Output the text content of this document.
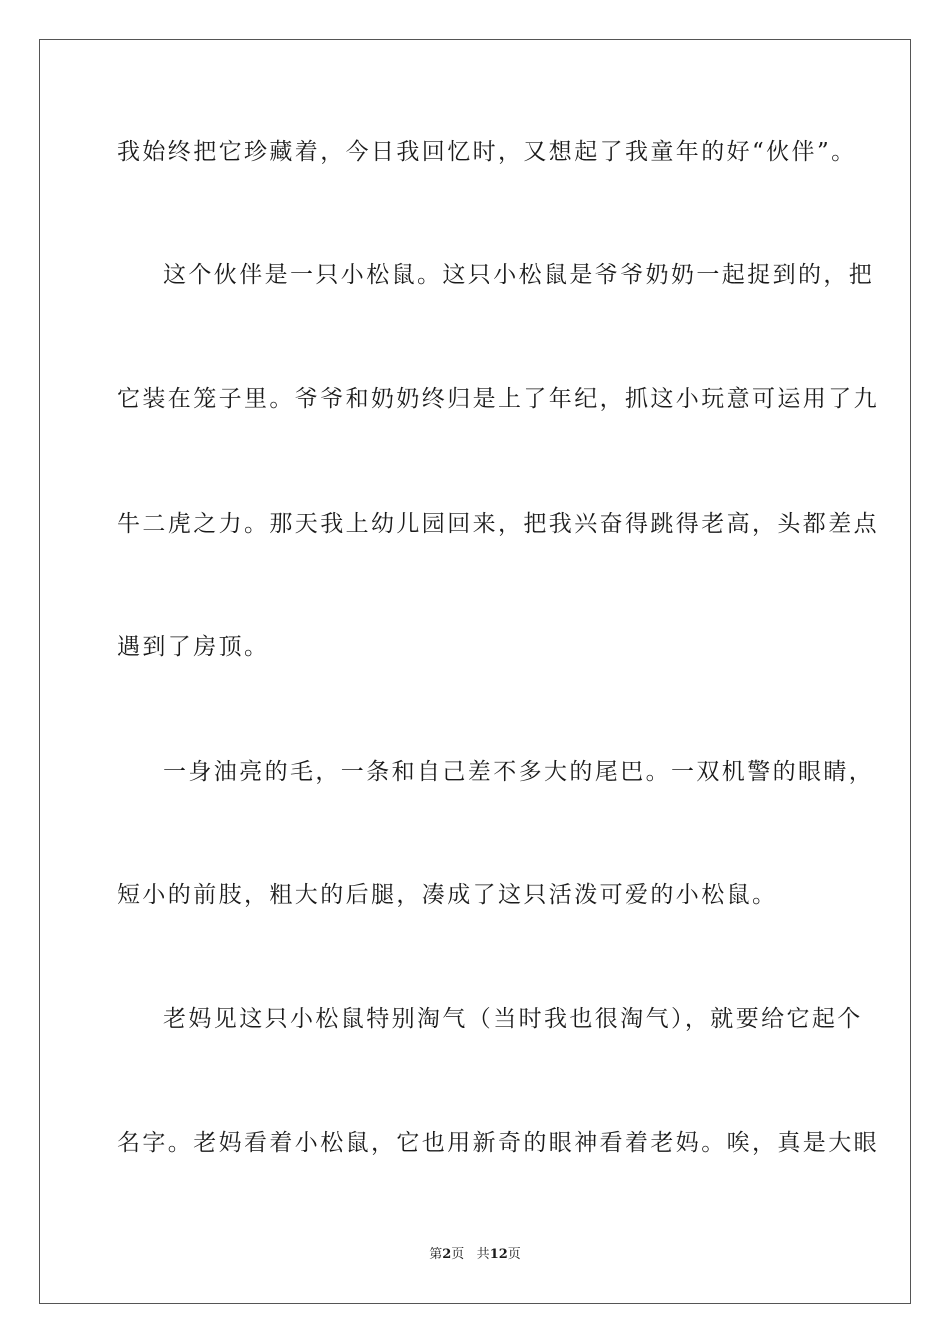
我始终把它珍藏着，今日我回忆时，又想起了我童年的好“伙伴”。
这个伙伴是一只小松鼠。这只小松鼠是爷爷奶奶一起捉到的，把
它装在笼子里。爷爷和奶奶终归是上了年纪，抓这小玩意可运用了九
牛二虎之力。那天我上幼儿园回来，把我兴奋得跳得老高，头都差点
遇到了房顶。
一身油亮的毛，一条和自己差不多大的尾巴。一双机警的眼睛，
短小的前肢，粗大的后腿，凑成了这只活泼可爱的小松鼠。
老妈见这只小松鼠特别淘气（当时我也很淘气），就要给它起个
名字。老妈看着小松鼠，它也用新奇的眼神看着老妈。唉，真是大眼
第2页 共12页
